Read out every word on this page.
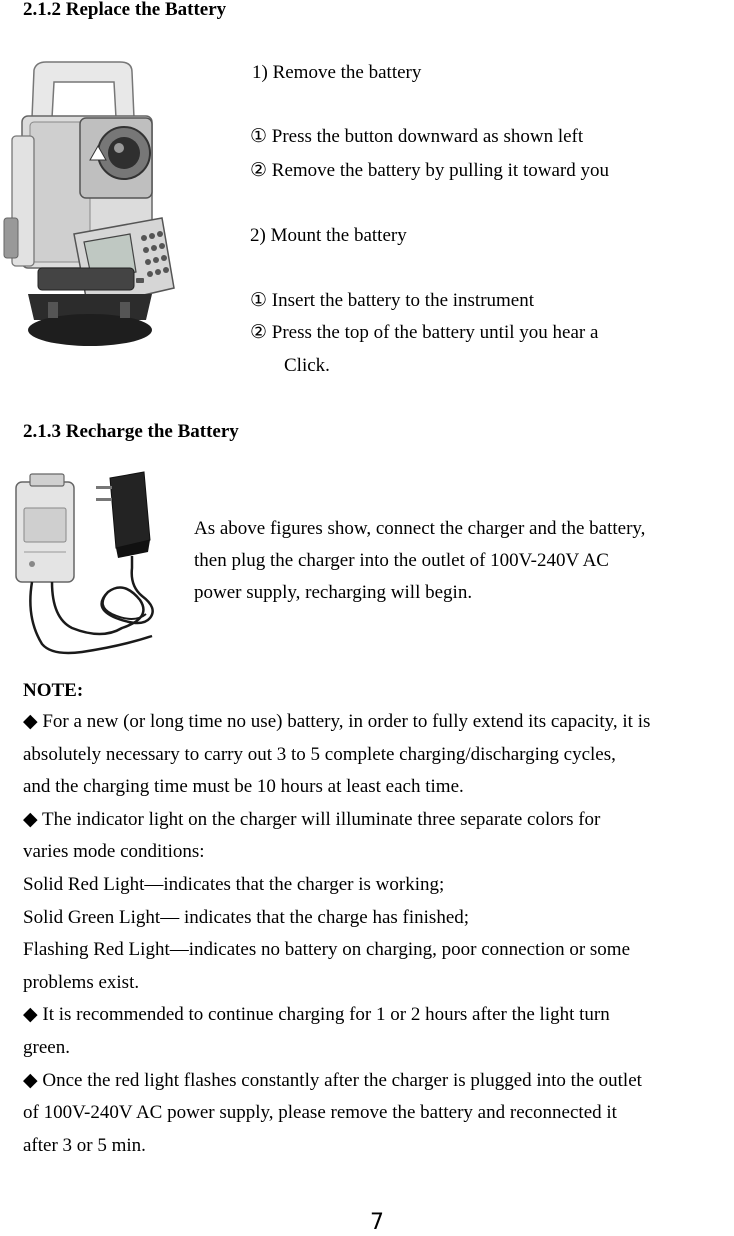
2.1.2 Replace the Battery
1) Remove the battery
① Press the button downward as shown left
② Remove the battery by pulling it toward you
2) Mount the battery
① Insert the battery to the instrument
② Press the top of the battery until you hear a
Click.
2.1.3 Recharge the Battery
As above figures show, connect the charger and the battery,
then plug the charger into the outlet of 100V-240V AC
power supply, recharging will begin.
NOTE:
◆ For a new (or long time no use) battery, in order to fully extend its capacity, it is
absolutely necessary to carry out 3 to 5 complete charging/discharging cycles,
and the charging time must be 10 hours at least each time.
◆ The indicator light on the charger will illuminate three separate colors for
varies mode conditions:
Solid Red Light—indicates that the charger is working;
Solid Green Light— indicates that the charge has finished;
Flashing Red Light—indicates no battery on charging, poor connection or some
problems exist.
◆ It is recommended to continue charging for 1 or 2 hours after the light turn
green.
◆ Once the red light flashes constantly after the charger is plugged into the outlet
of 100V-240V AC power supply, please remove the battery and reconnected it
after 3 or 5 min.
7
